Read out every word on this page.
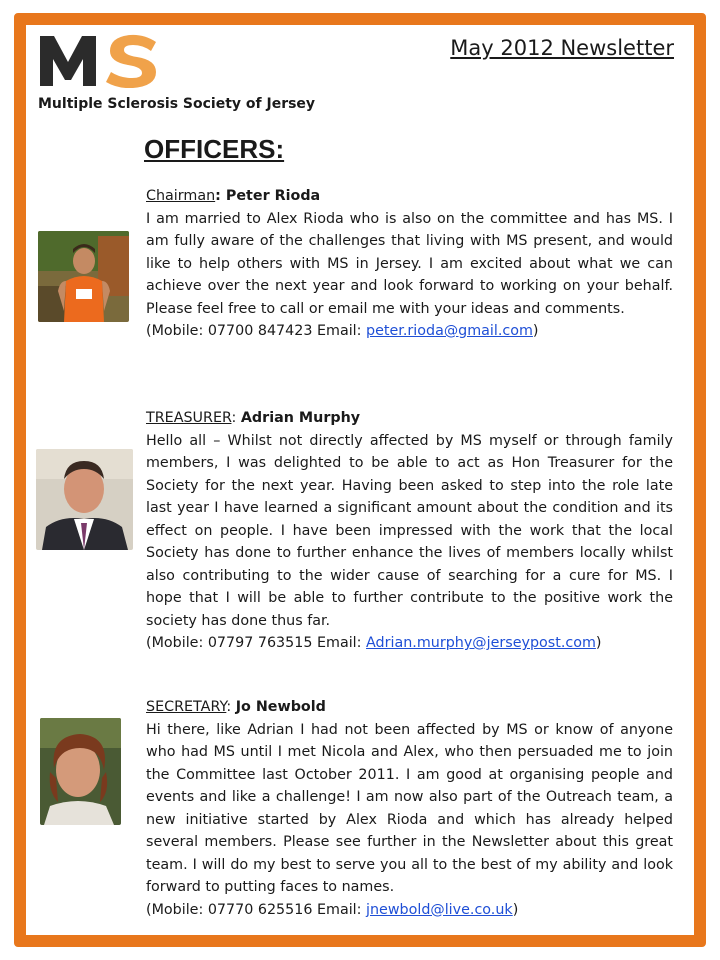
Multiple Sclerosis Society of Jersey
May 2012 Newsletter
OFFICERS:
Chairman: Peter Rioda

I am married to Alex Rioda who is also on the committee and has MS. I am fully aware of the challenges that living with MS present, and would like to help others with MS in Jersey. I am excited about what we can achieve over the next year and look forward to working on your behalf. Please feel free to call or email me with your ideas and comments.

(Mobile: 07700 847423 Email: peter.rioda@gmail.com)
TREASURER: Adrian Murphy

Hello all – Whilst not directly affected by MS myself or through family members, I was delighted to be able to act as Hon Treasurer for the Society for the next year. Having been asked to step into the role late last year I have learned a significant amount about the condition and its effect on people. I have been impressed with the work that the local Society has done to further enhance the lives of members locally whilst also contributing to the wider cause of searching for a cure for MS. I hope that I will be able to further contribute to the positive work the society has done thus far.

(Mobile: 07797 763515 Email: Adrian.murphy@jerseypost.com)
SECRETARY: Jo Newbold

Hi there, like Adrian I had not been affected by MS or know of anyone who had MS until I met Nicola and Alex, who then persuaded me to join the Committee last October 2011. I am good at organising people and events and like a challenge! I am now also part of the Outreach team, a new initiative started by Alex Rioda and which has already helped several members. Please see further in the Newsletter about this great team. I will do my best to serve you all to the best of my ability and look forward to putting faces to names.

(Mobile: 07770 625516 Email: jnewbold@live.co.uk)
